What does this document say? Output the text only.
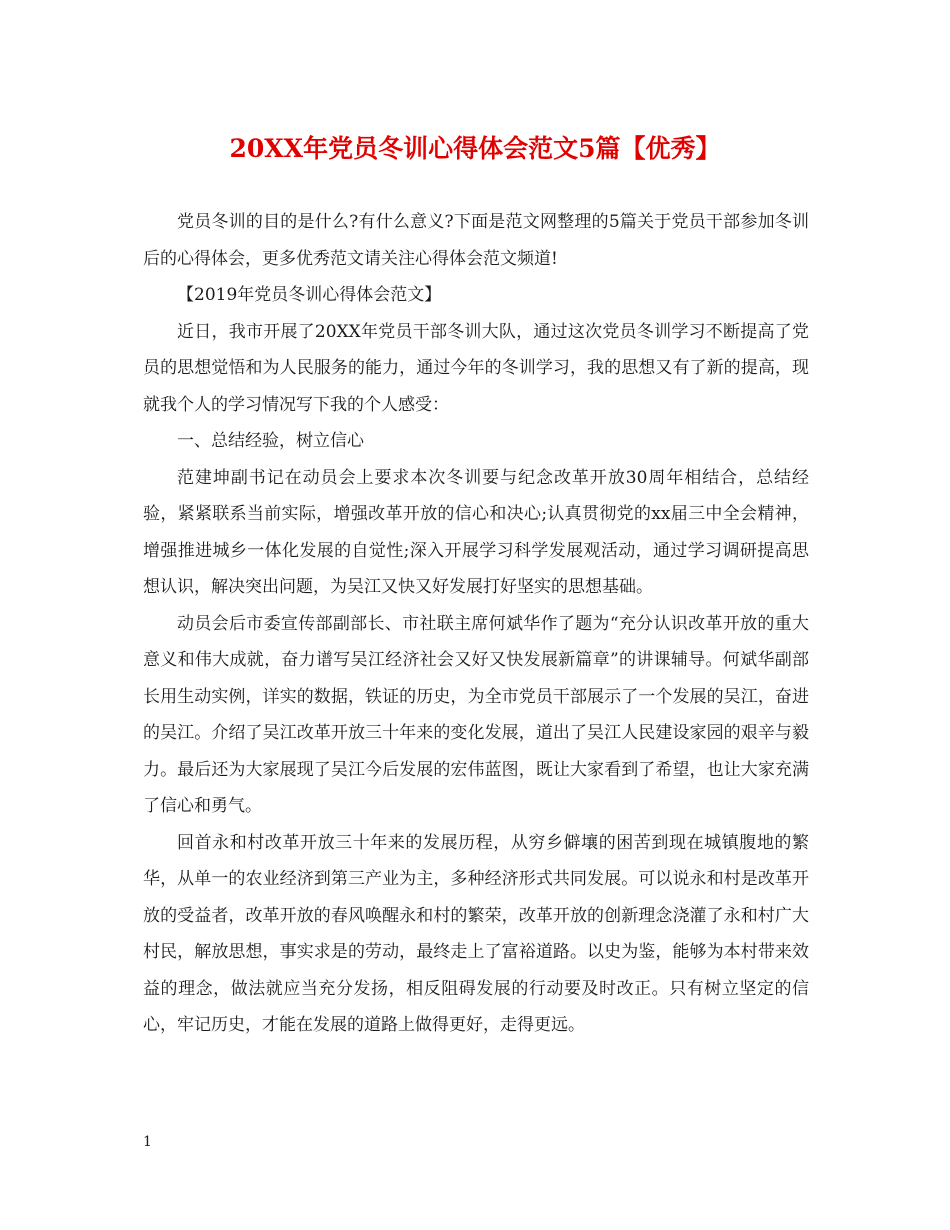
20XX年党员冬训心得体会范文5篇【优秀】

党员冬训的目的是什么?有什么意义?下面是范文网整理的5篇关于党员干部参加冬训后的心得体会，更多优秀范文请关注心得体会范文频道!

【2019年党员冬训心得体会范文】

近日，我市开展了20XX年党员干部冬训大队，通过这次党员冬训学习不断提高了党员的思想觉悟和为人民服务的能力，通过今年的冬训学习，我的思想又有了新的提高，现就我个人的学习情况写下我的个人感受：

一、总结经验，树立信心

范建坤副书记在动员会上要求本次冬训要与纪念改革开放30周年相结合，总结经验，紧紧联系当前实际，增强改革开放的信心和决心;认真贯彻党的xx届三中全会精神，增强推进城乡一体化发展的自觉性;深入开展学习科学发展观活动，通过学习调研提高思想认识，解决突出问题，为吴江又快又好发展打好坚实的思想基础。

动员会后市委宣传部副部长、市社联主席何斌华作了题为“充分认识改革开放的重大意义和伟大成就，奋力谱写吴江经济社会又好又快发展新篇章”的讲课辅导。何斌华副部长用生动实例，详实的数据，铁证的历史，为全市党员干部展示了一个发展的吴江，奋进的吴江。介绍了吴江改革开放三十年来的变化发展，道出了吴江人民建设家园的艰辛与毅力。最后还为大家展现了吴江今后发展的宏伟蓝图，既让大家看到了希望，也让大家充满了信心和勇气。

回首永和村改革开放三十年来的发展历程，从穷乡僻壤的困苦到现在城镇腹地的繁华，从单一的农业经济到第三产业为主，多种经济形式共同发展。可以说永和村是改革开放的受益者，改革开放的春风唤醒永和村的繁荣，改革开放的创新理念浇灌了永和村广大村民，解放思想，事实求是的劳动，最终走上了富裕道路。以史为鉴，能够为本村带来效益的理念，做法就应当充分发扬，相反阻碍发展的行动要及时改正。只有树立坚定的信心，牢记历史，才能在发展的道路上做得更好，走得更远。

1
